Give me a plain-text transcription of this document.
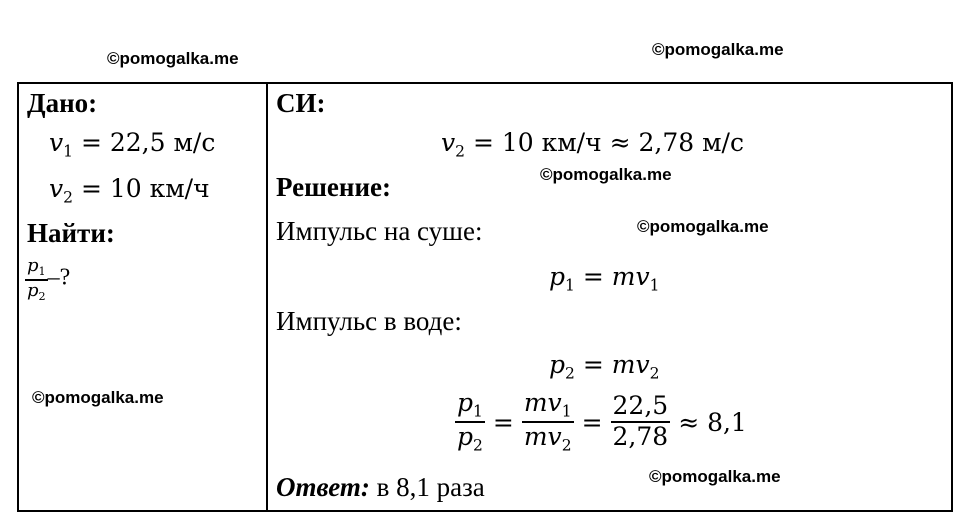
©pomogalka.me	©pomogalka.me
©pomogalka.me
©pomogalka.me
©pomogalka.me
©pomogalka.me
Дано:
$v_1 = 22,5$ м/с
$v_2 = 10$ км/ч
Найти:
$\frac{p_1}{p_2}$ –?
СИ:
$v_2 = 10$ км/ч ≈ 2,78 м/с
Решение:
Импульс на суше:
$p_1 = mv_1$
Импульс в воде:
$p_2 = mv_2$
$\frac{p_1}{p_2} = \frac{mv_1}{mv_2} = \frac{22,5}{2,78} \approx 8,1$
Ответ: в 8,1 раза
